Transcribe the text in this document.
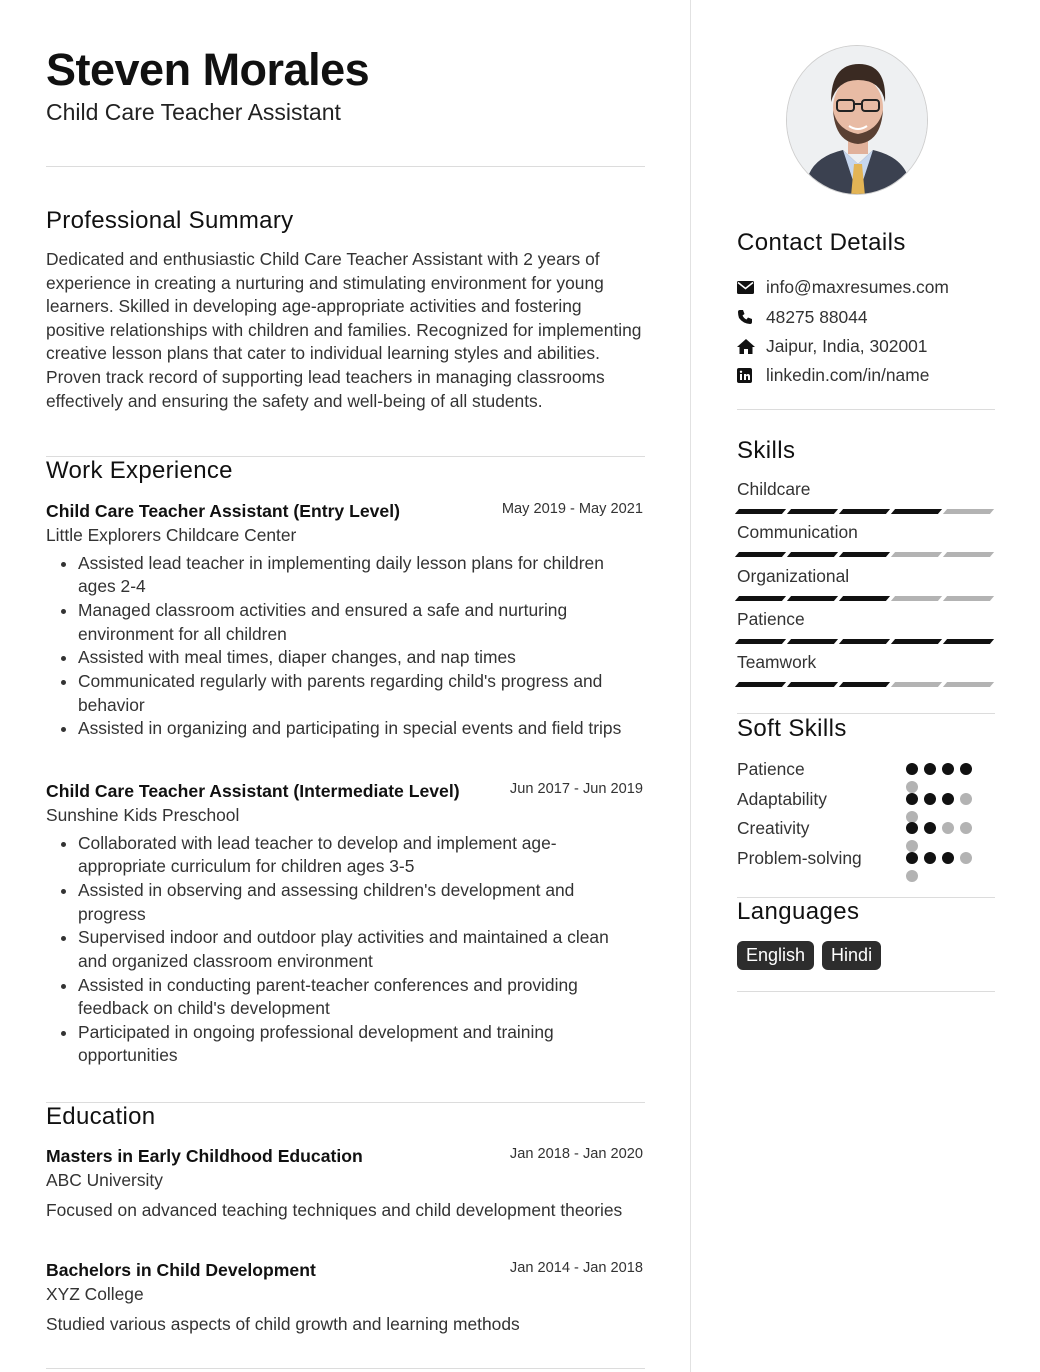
Steven Morales
Child Care Teacher Assistant
Professional Summary
Dedicated and enthusiastic Child Care Teacher Assistant with 2 years of experience in creating a nurturing and stimulating environment for young learners. Skilled in developing age-appropriate activities and fostering positive relationships with children and families. Recognized for implementing creative lesson plans that cater to individual learning styles and abilities. Proven track record of supporting lead teachers in managing classrooms effectively and ensuring the safety and well-being of all students.
Work Experience
Child Care Teacher Assistant (Entry Level)	May 2019 - May 2021
Little Explorers Childcare Center
• Assisted lead teacher in implementing daily lesson plans for children ages 2-4
• Managed classroom activities and ensured a safe and nurturing environment for all children
• Assisted with meal times, diaper changes, and nap times
• Communicated regularly with parents regarding child's progress and behavior
• Assisted in organizing and participating in special events and field trips
Child Care Teacher Assistant (Intermediate Level)	Jun 2017 - Jun 2019
Sunshine Kids Preschool
• Collaborated with lead teacher to develop and implement age-appropriate curriculum for children ages 3-5
• Assisted in observing and assessing children's development and progress
• Supervised indoor and outdoor play activities and maintained a clean and organized classroom environment
• Assisted in conducting parent-teacher conferences and providing feedback on child's development
• Participated in ongoing professional development and training opportunities
Education
Masters in Early Childhood Education	Jan 2018 - Jan 2020
ABC University
Focused on advanced teaching techniques and child development theories
Bachelors in Child Development	Jan 2014 - Jan 2018
XYZ College
Studied various aspects of child growth and learning methods
Contact Details
info@maxresumes.com
48275 88044
Jaipur, India, 302001
linkedin.com/in/name
Skills
Childcare
Communication
Organizational
Patience
Teamwork
Soft Skills
Patience
Adaptability
Creativity
Problem-solving
Languages
English	Hindi
